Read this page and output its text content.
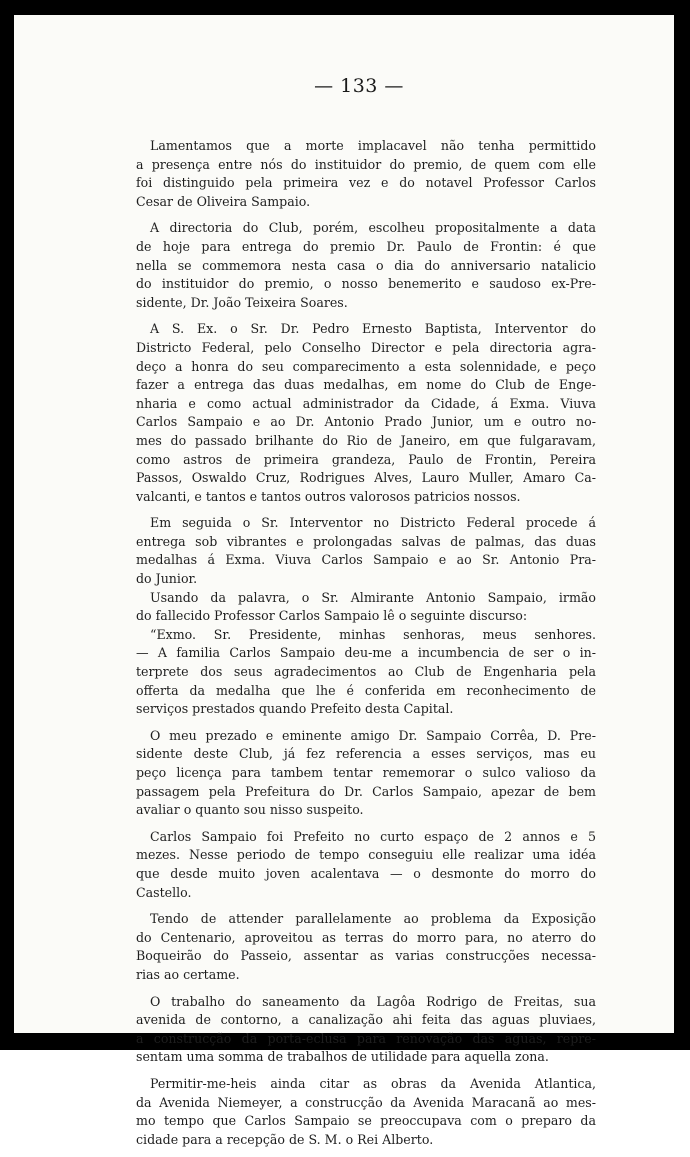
— 133 —
Lamentamos que a morte implacavel não tenha permittido
a presença entre nós do instituidor do premio, de quem com elle
foi distinguido pela primeira vez e do notavel Professor Carlos
Cesar de Oliveira Sampaio.
A directoria do Club, porém, escolheu propositalmente a data
de hoje para entrega do premio Dr. Paulo de Frontin: é que
nella se commemora nesta casa o dia do anniversario natalicio
do instituidor do premio, o nosso benemerito e saudoso ex-Pre-
sidente, Dr. João Teixeira Soares.
A S. Ex. o Sr. Dr. Pedro Ernesto Baptista, Interventor do
Districto Federal, pelo Conselho Director e pela directoria agra-
deço a honra do seu comparecimento a esta solennidade, e peço
fazer a entrega das duas medalhas, em nome do Club de Enge-
nharia e como actual administrador da Cidade, á Exma. Viuva
Carlos Sampaio e ao Dr. Antonio Prado Junior, um e outro no-
mes do passado brilhante do Rio de Janeiro, em que fulgaravam,
como astros de primeira grandeza, Paulo de Frontin, Pereira
Passos, Oswaldo Cruz, Rodrigues Alves, Lauro Muller, Amaro Ca-
valcanti, e tantos e tantos outros valorosos patricios nossos.
Em seguida o Sr. Interventor no Districto Federal procede á
entrega sob vibrantes e prolongadas salvas de palmas, das duas
medalhas á Exma. Viuva Carlos Sampaio e ao Sr. Antonio Pra-
do Junior.
Usando da palavra, o Sr. Almirante Antonio Sampaio, irmão
do fallecido Professor Carlos Sampaio lê o seguinte discurso:
“Exmo. Sr. Presidente, minhas senhoras, meus senhores.
— A familia Carlos Sampaio deu-me a incumbencia de ser o in-
terprete dos seus agradecimentos ao Club de Engenharia pela
offerta da medalha que lhe é conferida em reconhecimento de
serviços prestados quando Prefeito desta Capital.
O meu prezado e eminente amigo Dr. Sampaio Corrêa, D. Pre-
sidente deste Club, já fez referencia a esses serviços, mas eu
peço licença para tambem tentar rememorar o sulco valioso da
passagem pela Prefeitura do Dr. Carlos Sampaio, apezar de bem
avaliar o quanto sou nisso suspeito.
Carlos Sampaio foi Prefeito no curto espaço de 2 annos e 5
mezes. Nesse periodo de tempo conseguiu elle realizar uma idéa
que desde muito joven acalentava — o desmonte do morro do
Castello.
Tendo de attender parallelamente ao problema da Exposição
do Centenario, aproveitou as terras do morro para, no aterro do
Boqueirão do Passeio, assentar as varias construcções necessa-
rias ao certame.
O trabalho do saneamento da Lagôa Rodrigo de Freitas, sua
avenida de contorno, a canalização ahi feita das aguas pluviaes,
a construcção da porta-eclusa para renovação das aguas, repre-
sentam uma somma de trabalhos de utilidade para aquella zona.
Permitir-me-heis ainda citar as obras da Avenida Atlantica,
da Avenida Niemeyer, a construcção da Avenida Maracanã ao mes-
mo tempo que Carlos Sampaio se preoccupava com o preparo da
cidade para a recepção de S. M. o Rei Alberto.
